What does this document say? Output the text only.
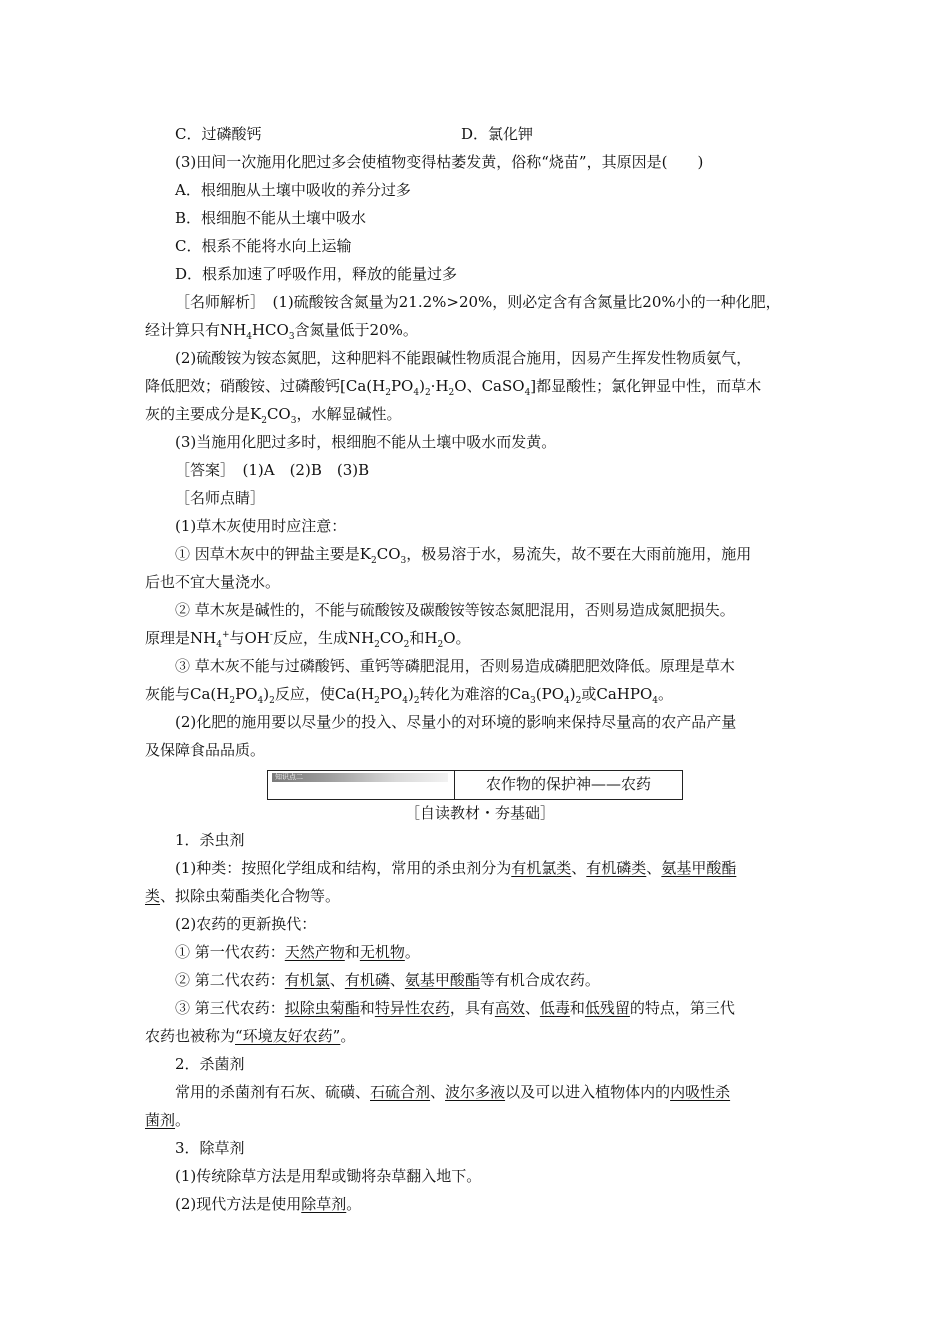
C．过磷酸钙	D．氯化钾
(3)田间一次施用化肥过多会使植物变得枯萎发黄，俗称“烧苗”，其原因是(　　)
A．根细胞从土壤中吸收的养分过多
B．根细胞不能从土壤中吸水
C．根系不能将水向上运输
D．根系加速了呼吸作用，释放的能量过多
［名师解析］　(1)硫酸铵含氮量为21.2%>20%，则必定含有含氮量比20%小的一种化肥，
经计算只有$NH_4HCO_3$含氮量低于20%。
(2)硫酸铵为铵态氮肥，这种肥料不能跟碱性物质混合施用，因易产生挥发性物质氨气，
降低肥效；硝酸铵、过磷酸钙[$Ca(H_2PO_4)_2\cdot H_2O$、CaSO$_4$]都显酸性；氯化钾显中性，而草木
灰的主要成分是$K_2CO_3$，水解显碱性。
(3)当施用化肥过多时，根细胞不能从土壤中吸水而发黄。
［答案］　(1)A　(2)B　(3)B
［名师点睛］
(1)草木灰使用时应注意：
① 因草木灰中的钾盐主要是$K_2CO_3$，极易溶于水，易流失，故不要在大雨前施用，施用
后也不宜大量浇水。
② 草木灰是碱性的，不能与硫酸铵及碳酸铵等铵态氮肥混用，否则易造成氮肥损失。
原理是$NH_4^+$与OH-反应，生成$NH_2CO_2$和$H_2O$。
③ 草木灰不能与过磷酸钙、重钙等磷肥混用，否则易造成磷肥肥效降低。原理是草木
灰能与$Ca(H_2PO_4)_2$反应，使$Ca(H_2PO_4)_2$转化为难溶的$Ca_3(PO_4)_2$或CaHPO$_4$。
(2)化肥的施用要以尽量少的投入、尽量小的对环境的影响来保持尽量高的农产品产量
及保障食品品质。
知识点二	农作物的保护神——农药
［自读教材・夯基础］
1．杀虫剂
(1)种类：按照化学组成和结构，常用的杀虫剂分为有机氯类、有机磷类、氨基甲酸酯
类、拟除虫菊酯类化合物等。
(2)农药的更新换代：
① 第一代农药：天然产物和无机物。
② 第二代农药：有机氯、有机磷、氨基甲酸酯等有机合成农药。
③ 第三代农药：拟除虫菊酯和特异性农药，具有高效、低毒和低残留的特点，第三代
农药也被称为“环境友好农药”。
2．杀菌剂
常用的杀菌剂有石灰、硫磺、石硫合剂、波尔多液以及可以进入植物体内的内吸性杀
菌剂。
3．除草剂
(1)传统除草方法是用犁或锄将杂草翻入地下。
(2)现代方法是使用除草剂。
